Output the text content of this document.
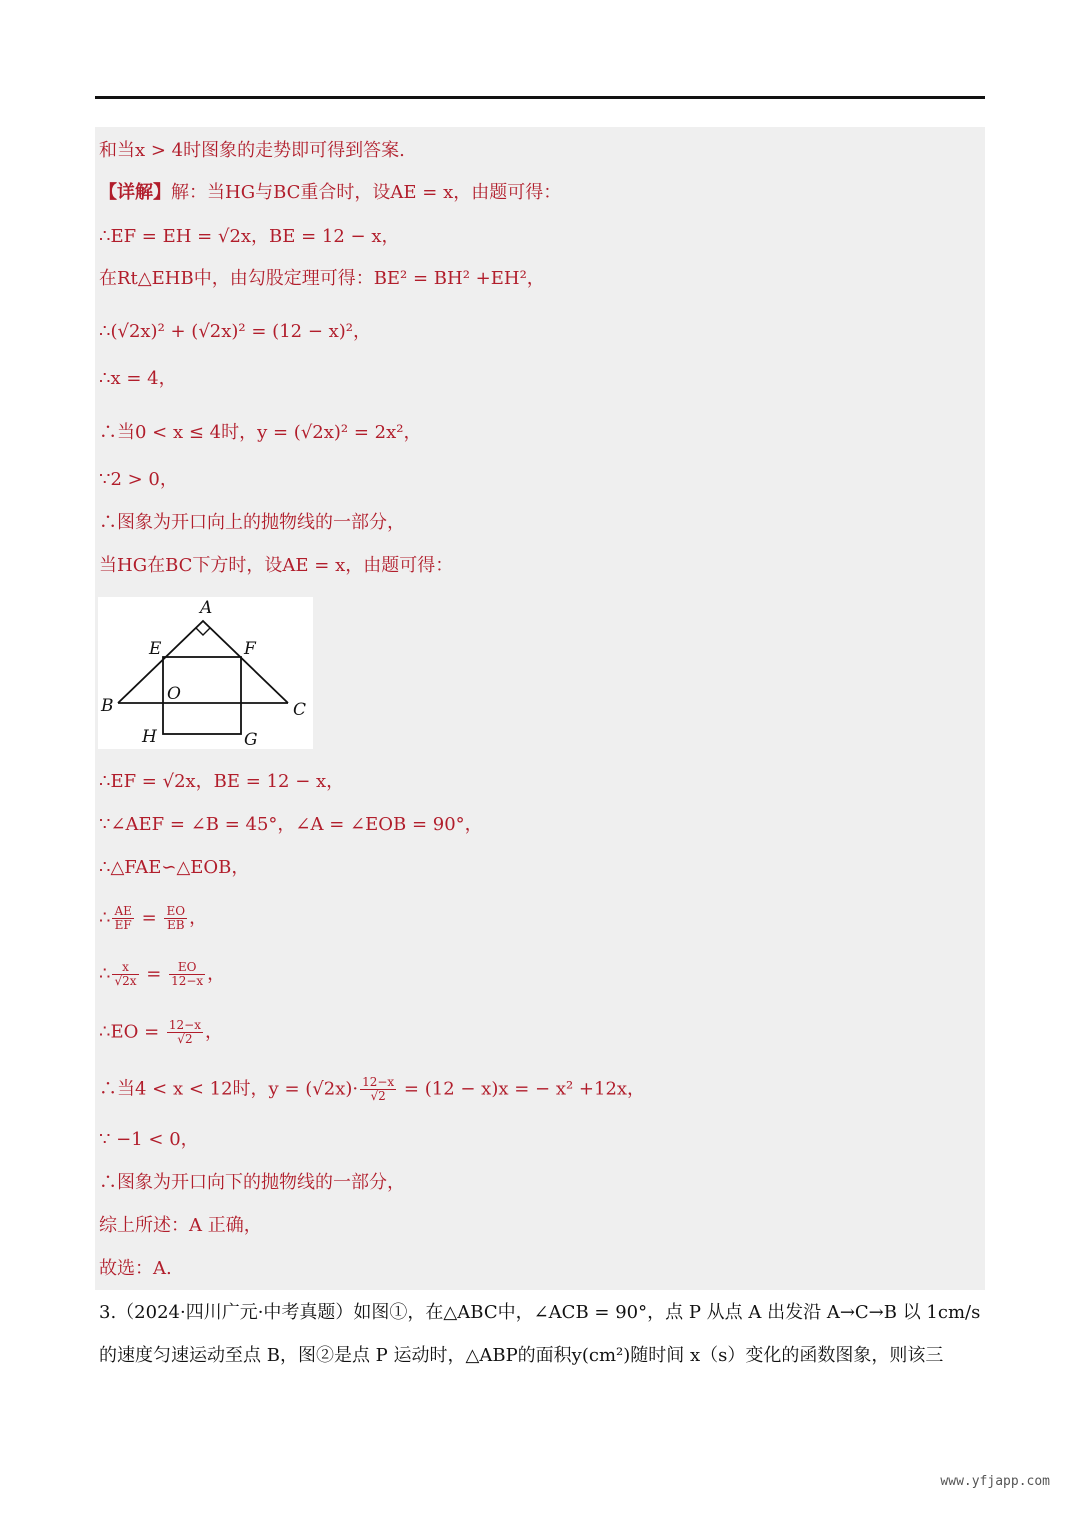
和当x > 4时图象的走势即可得到答案.
【详解】解：当HG与BC重合时，设AE = x，由题可得：
∴EF = EH = √2x，BE = 12 − x，
在Rt△EHB中，由勾股定理可得：BE² = BH² +EH²，
∴(√2x)² + (√2x)² = (12 − x)²，
∴x = 4，
∴当0 < x ≤ 4时，y = (√2x)² = 2x²，
∵2 > 0，
∴图象为开口向上的抛物线的一部分，
当HG在BC下方时，设AE = x，由题可得：
A
E	F
B
O
C
H	G
∴EF = √2x，BE = 12 − x，
∵∠AEF = ∠B = 45°，∠A = ∠EOB = 90°，
∴△FAE∽△EOB，
∴ $\frac{AE}{EF} = \frac{EO}{EB}$ ，
∴ $\frac{x}{√2x} = \frac{EO}{12-x}$ ，
∴EO = $\frac{12-x}{√2}$ ，
∴当4 < x < 12时，$y = (√2x)\cdot \frac{12-x}{√2} = (12 - x)x$ = − x² +12x，
∵ −1 < 0，
∴图象为开口向下的抛物线的一部分，
综上所述：A 正确，
故选：A.
3.（2024·四川广元·中考真题）如图①，在△ABC中，∠ACB = 90°，点 P 从点 A 出发沿 A→C→B 以 1cm/s
的速度匀速运动至点 B，图②是点 P 运动时，△ABP的面积y(cm²)随时间 x（s）变化的函数图象，则该三
www.yfjapp.com
